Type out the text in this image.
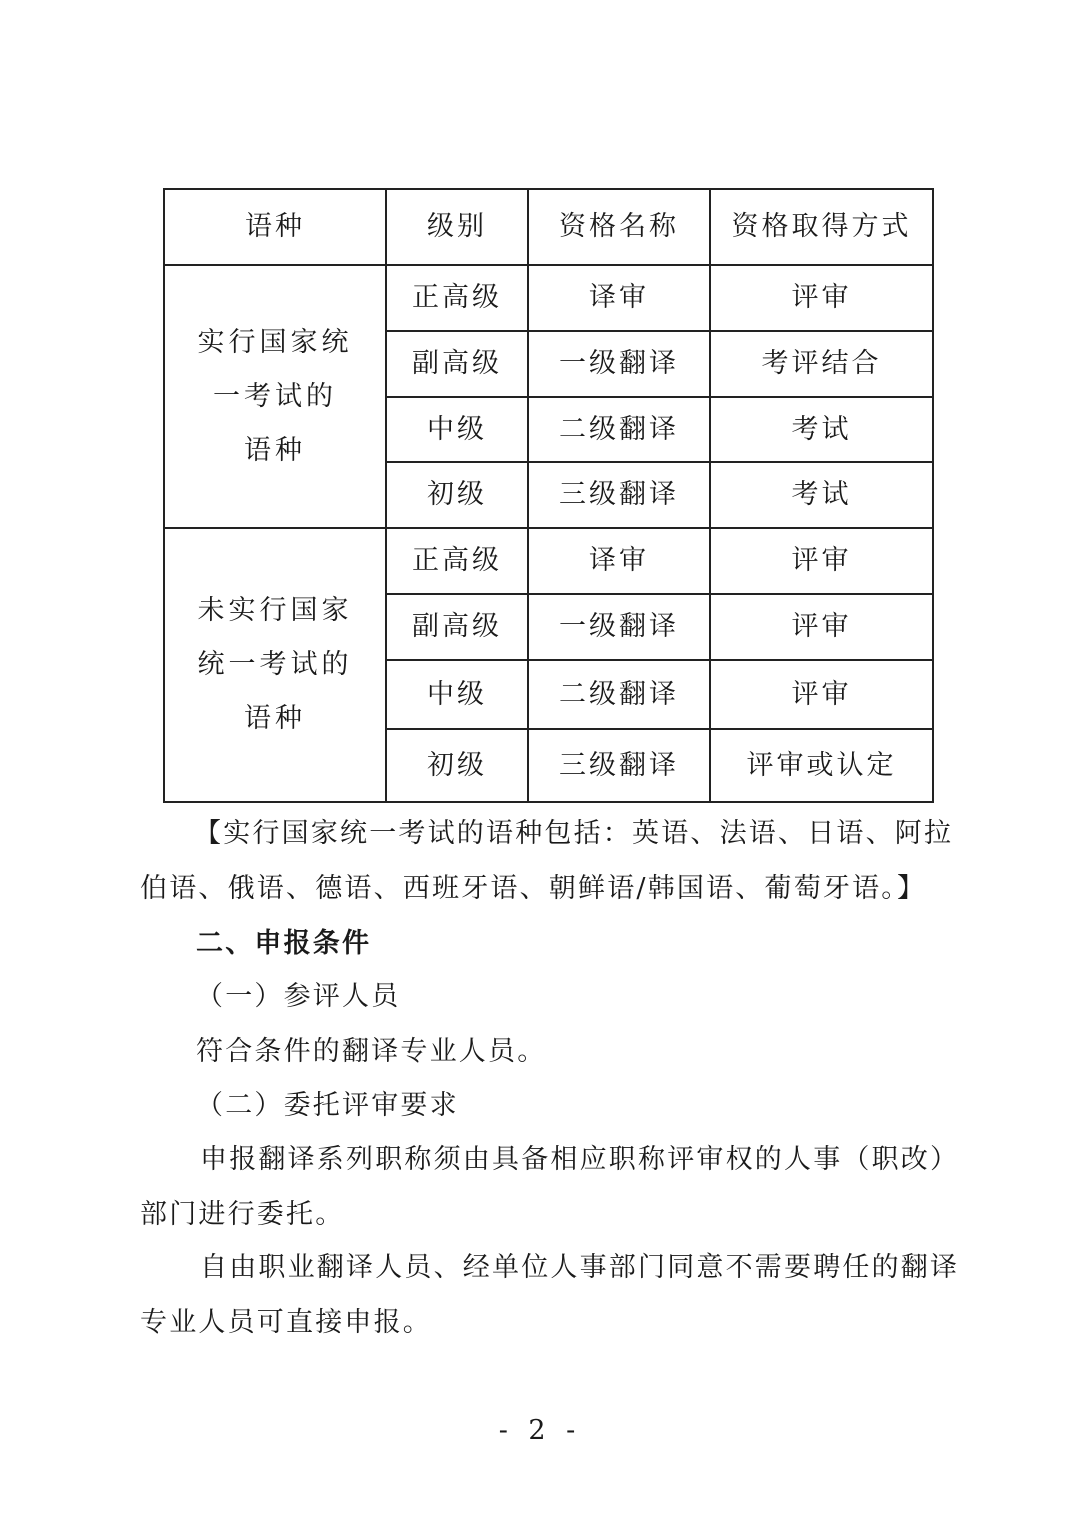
语种	级别	资格名称	资格取得方式

实行国家统
一考试的
语种	正高级	译审	评审
	副高级	一级翻译	考评结合
	中级	二级翻译	考试
	初级	三级翻译	考试

未实行国家
统一考试的
语种	正高级	译审	评审
	副高级	一级翻译	评审
	中级	二级翻译	评审
	初级	三级翻译	评审或认定

【实行国家统一考试的语种包括：英语、法语、日语、阿拉

伯语、俄语、德语、西班牙语、朝鲜语/韩国语、葡萄牙语。】

二、申报条件

（一）参评人员

符合条件的翻译专业人员。

（二）委托评审要求

申报翻译系列职称须由具备相应职称评审权的人事（职改）部门进行委托。

自由职业翻译人员、经单位人事部门同意不需要聘任的翻译专业人员可直接申报。

- 2 -
